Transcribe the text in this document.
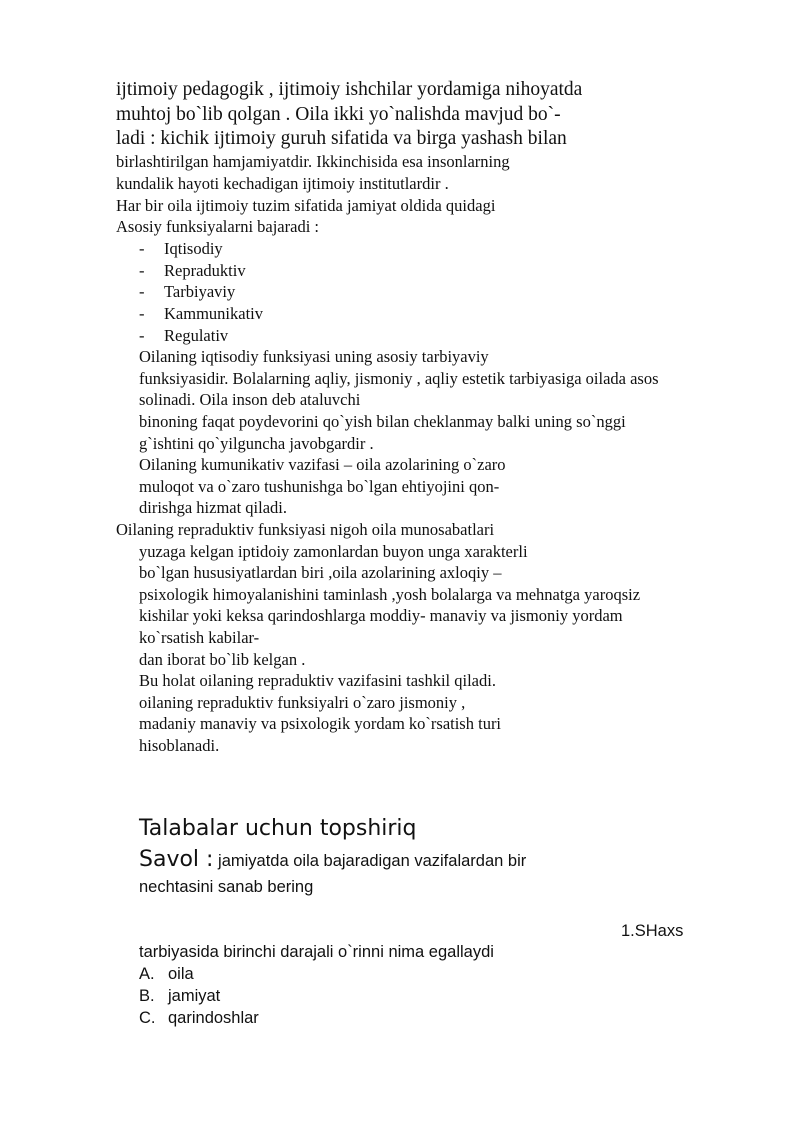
ijtimoiy pedagogik , ijtimoiy ishchilar yordamiga nihoyatda
muhtoj bo`lib qolgan . Oila ikki yo`nalishda mavjud bo`-
ladi : kichik ijtimoiy guruh sifatida va birga yashash bilan
birlashtirilgan hamjamiyatdir. Ikkinchisida esa insonlarning
kundalik hayoti kechadigan ijtimoiy institutlardir .
Har bir oila ijtimoiy tuzim sifatida jamiyat oldida quidagi
Asosiy funksiyalarni bajaradi :
- Iqtisodiy
- Repraduktiv
- Tarbiyaviy
- Kammunikativ
- Regulativ
Oilaning iqtisodiy funksiyasi uning asosiy tarbiyaviy
funksiyasidir. Bolalarning aqliy, jismoniy , aqliy estetik tarbiyasiga oilada asos
solinadi. Oila inson deb ataluvchi
binoning faqat poydevorini qo`yish bilan cheklanmay balki uning so`nggi
g`ishtini qo`yilguncha javobgardir .
Oilaning kumunikativ vazifasi – oila azolarining o`zaro
muloqot va o`zaro tushunishga bo`lgan ehtiyojini qon-
dirishga hizmat qiladi.
Oilaning repraduktiv funksiyasi nigoh oila munosabatlari
yuzaga kelgan iptidoiy zamonlardan buyon unga xarakterli
bo`lgan hususiyatlardan biri ,oila azolarining axloqiy –
psixologik himoyalanishini taminlash ,yosh bolalarga va mehnatga yaroqsiz
kishilar yoki keksa qarindoshlarga moddiy- manaviy va jismoniy yordam
ko`rsatish kabilar-
dan iborat bo`lib kelgan .
Bu holat oilaning repraduktiv vazifasini tashkil qiladi.
oilaning repraduktiv funksiyalri o`zaro jismoniy ,
madaniy manaviy va psixologik yordam ko`rsatish turi
hisoblanadi.
Talabalar uchun topshiriq
Savol : jamiyatda oila bajaradigan vazifalardan bir
nechtasini sanab bering
1.SHaxs
tarbiyasida birinchi darajali o`rinni nima egallaydi
A. oila
B. jamiyat
C. qarindoshlar
